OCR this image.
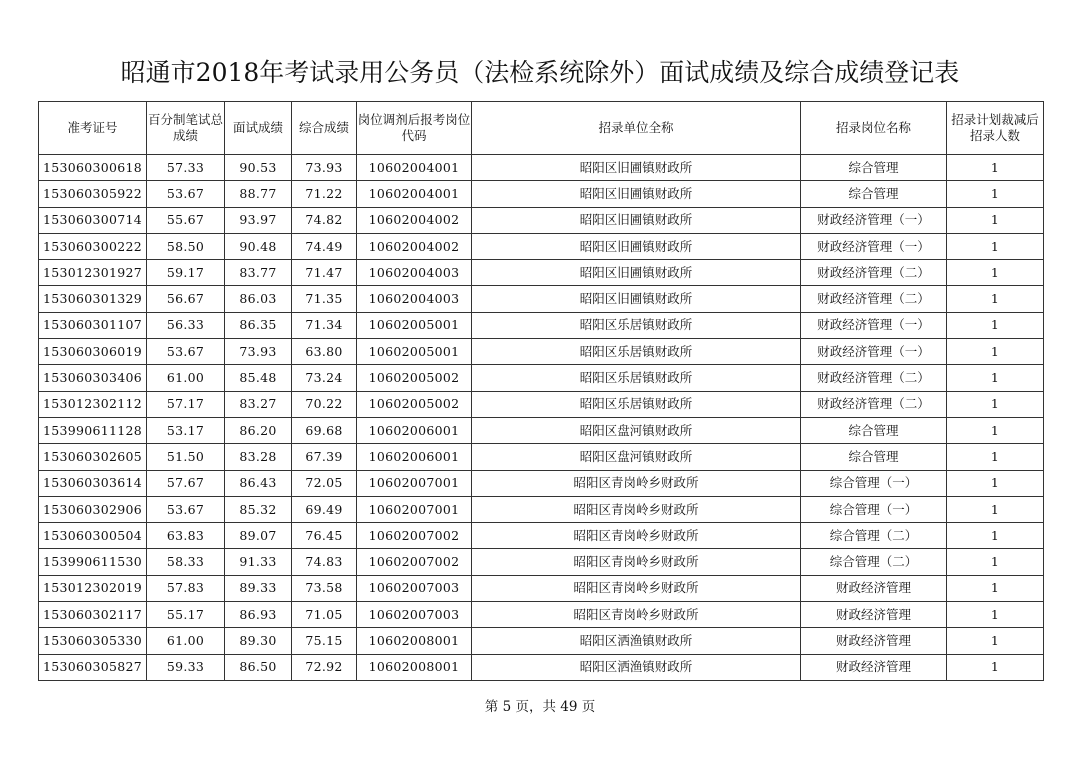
昭通市2018年考试录用公务员（法检系统除外）面试成绩及综合成绩登记表
准考证号	百分制笔试总成绩	面试成绩	综合成绩	岗位调剂后报考岗位代码	招录单位全称	招录岗位名称	招录计划裁减后招录人数
153060300618	57.33	90.53	73.93	10602004001	昭阳区旧圃镇财政所	综合管理	1
153060305922	53.67	88.77	71.22	10602004001	昭阳区旧圃镇财政所	综合管理	1
153060300714	55.67	93.97	74.82	10602004002	昭阳区旧圃镇财政所	财政经济管理（一）	1
153060300222	58.50	90.48	74.49	10602004002	昭阳区旧圃镇财政所	财政经济管理（一）	1
153012301927	59.17	83.77	71.47	10602004003	昭阳区旧圃镇财政所	财政经济管理（二）	1
153060301329	56.67	86.03	71.35	10602004003	昭阳区旧圃镇财政所	财政经济管理（二）	1
153060301107	56.33	86.35	71.34	10602005001	昭阳区乐居镇财政所	财政经济管理（一）	1
153060306019	53.67	73.93	63.80	10602005001	昭阳区乐居镇财政所	财政经济管理（一）	1
153060303406	61.00	85.48	73.24	10602005002	昭阳区乐居镇财政所	财政经济管理（二）	1
153012302112	57.17	83.27	70.22	10602005002	昭阳区乐居镇财政所	财政经济管理（二）	1
153990611128	53.17	86.20	69.68	10602006001	昭阳区盘河镇财政所	综合管理	1
153060302605	51.50	83.28	67.39	10602006001	昭阳区盘河镇财政所	综合管理	1
153060303614	57.67	86.43	72.05	10602007001	昭阳区青岗岭乡财政所	综合管理（一）	1
153060302906	53.67	85.32	69.49	10602007001	昭阳区青岗岭乡财政所	综合管理（一）	1
153060300504	63.83	89.07	76.45	10602007002	昭阳区青岗岭乡财政所	综合管理（二）	1
153990611530	58.33	91.33	74.83	10602007002	昭阳区青岗岭乡财政所	综合管理（二）	1
153012302019	57.83	89.33	73.58	10602007003	昭阳区青岗岭乡财政所	财政经济管理	1
153060302117	55.17	86.93	71.05	10602007003	昭阳区青岗岭乡财政所	财政经济管理	1
153060305330	61.00	89.30	75.15	10602008001	昭阳区洒渔镇财政所	财政经济管理	1
153060305827	59.33	86.50	72.92	10602008001	昭阳区洒渔镇财政所	财政经济管理	1
第 5 页，共 49 页
